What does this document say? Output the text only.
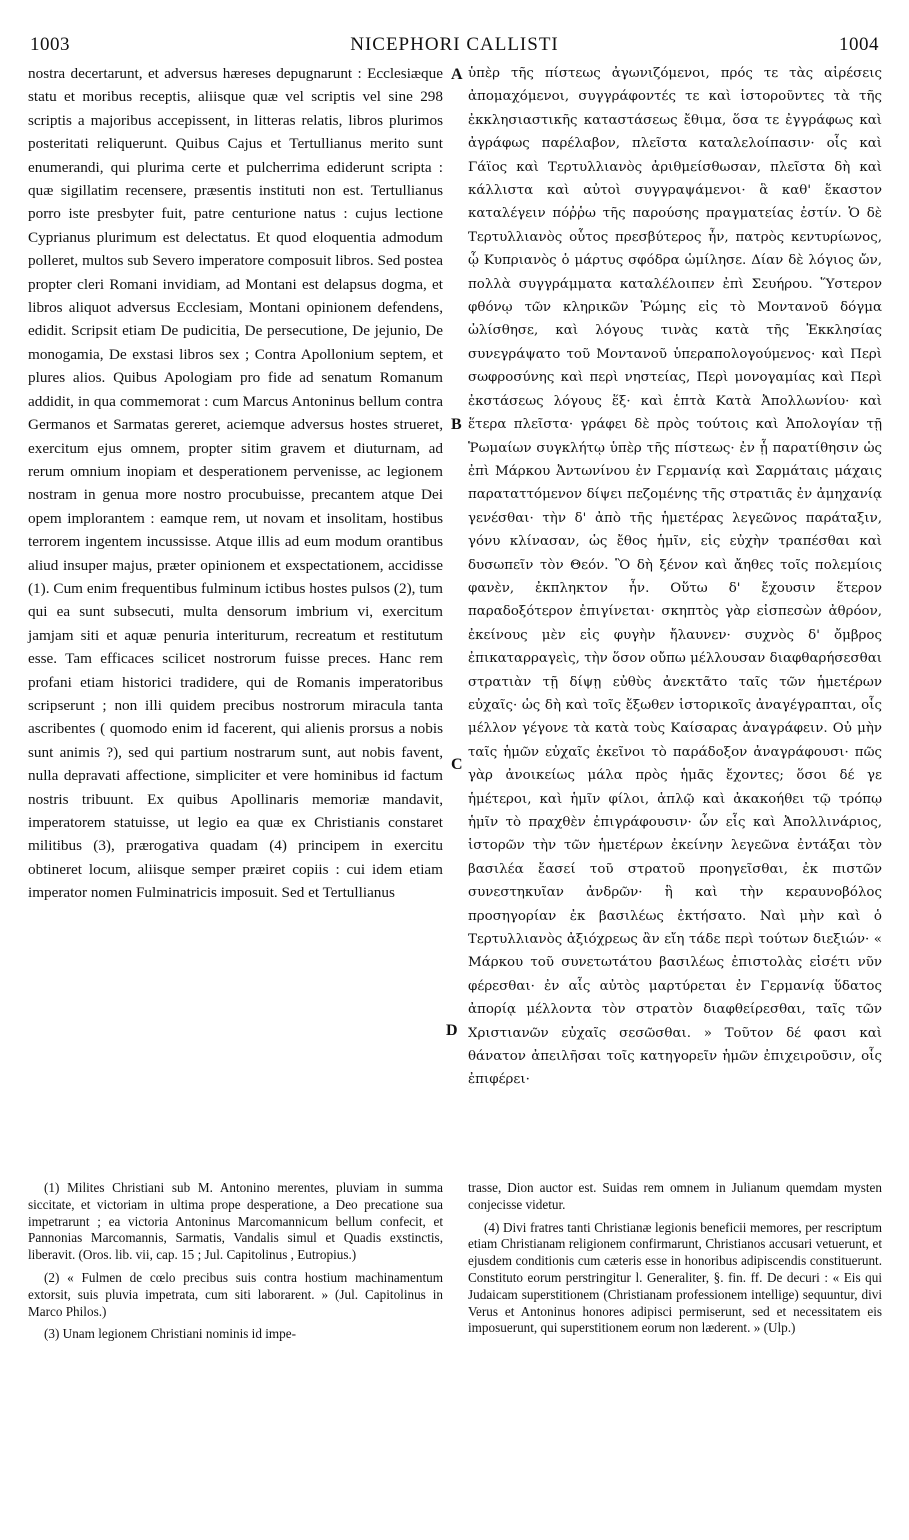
1003	NICEPHORI CALLISTI	1004

nostra decertarunt, et adversus hæreses depugnarunt : Ecclesiæque statu et moribus receptis, aliisque quæ vel scriptis vel sine 298 scriptis a majoribus accepissent, in litteras relatis, libros plurimos posteritati reliquerunt. Quibus Cajus et Tertullianus merito sunt enumerandi, qui plurima certe et pulcherrima ediderunt scripta : quæ sigillatim recensere, præsentis instituti non est. Tertullianus porro iste presbyter fuit, patre centurione natus : cujus lectione Cyprianus plurimum est delectatus. Et quod eloquentia admodum polleret, multos sub Severo imperatore composuit libros. Sed postea propter cleri Romani invidiam, ad Montani est delapsus dogma, et libros aliquot adversus Ecclesiam, Montani opinionem defendens, edidit. Scripsit etiam De pudicitia, De persecutione, De jejunio, De monogamia, De exstasi libros sex ; Contra Apollonium septem, et plures alios. Quibus Apologiam pro fide ad senatum Romanum addidit, in qua commemorat : cum Marcus Antoninus bellum contra Germanos et Sarmatas gereret, aciemque adversus hostes strueret, exercitum ejus omnem, propter sitim gravem et diuturnam, ad rerum omnium inopiam et desperationem pervenisse, ac legionem nostram in genua more nostro procubuisse, precantem atque Dei opem implorantem : eamque rem, ut novam et insolitam, hostibus terrorem ingentem incussisse. Atque illis ad eum modum orantibus aliud insuper majus, præter opinionem et exspectationem, accidisse (1). Cum enim frequentibus fulminum ictibus hostes pulsos (2), tum qui ea sunt subsecuti, multa densorum imbrium vi, exercitum jamjam siti et aquæ penuria interiturum, recreatum et restitutum esse. Tam efficaces scilicet nostrorum fuisse preces. Hanc rem profani etiam historici tradidere, qui de Romanis imperatoribus scripserunt ; non illi quidem precibus nostrorum miracula tanta ascribentes ( quomodo enim id facerent, qui alienis prorsus a nobis sunt animis ?), sed qui partium nostrarum sunt, aut nobis favent, nulla depravati affectione, simpliciter et vere hominibus id factum nostris tribuunt. Ex quibus Apollinaris memoriæ mandavit, imperatorem statuisse, ut legio ea quæ ex Christianis constaret militibus (3), prærogativa quadam (4) principem in exercitu obtineret locum, aliisque semper præiret copiis : cui idem etiam imperator nomen Fulminatricis imposuit. Sed et Tertullianus

A
B
C
D

ὑπὲρ τῆς πίστεως ἀγωνιζόμενοι, πρός τε τὰς αἱρέσεις ἀπομαχόμενοι, συγγράφοντές τε καὶ ἱστοροῦντες τὰ τῆς ἐκκλησιαστικῆς καταστάσεως ἔθιμα, ὅσα τε ἐγγράφως καὶ ἀγράφως παρέλαβον, πλεῖστα καταλελοίπασιν· οἷς καὶ Γάϊος καὶ Τερτυλλιανὸς ἀριθμείσθωσαν, πλεῖστα δὴ καὶ κάλλιστα καὶ αὐτοὶ συγγραψάμενοι· ἃ καθ' ἕκαστον καταλέγειν πόῤῥω τῆς παρούσης πραγματείας ἐστίν. Ὁ δὲ Τερτυλλιανὸς οὗτος πρεσβύτερος ἦν, πατρὸς κεντυρίωνος, ᾧ Κυπριανὸς ὁ μάρτυς σφόδρα ὡμίλησε. Δίαν δὲ λόγιος ὤν, πολλὰ συγγράμματα καταλέλοιπεν ἐπὶ Σευήρου. Ὕστερον φθόνῳ τῶν κληρικῶν Ῥώμης εἰς τὸ Μοντανοῦ δόγμα ὠλίσθησε, καὶ λόγους τινὰς κατὰ τῆς Ἐκκλησίας συνεγράψατο τοῦ Μοντανοῦ ὑπεραπολογούμενος· καὶ Περὶ σωφροσύνης καὶ περὶ νηστείας, Περὶ μονογαμίας καὶ Περὶ ἐκστάσεως λόγους ἕξ· καὶ ἑπτὰ Κατὰ Ἀπολλωνίου· καὶ ἕτερα πλεῖστα· γράφει δὲ πρὸς τούτοις καὶ Ἀπολογίαν τῇ Ῥωμαίων συγκλήτῳ ὑπὲρ τῆς πίστεως· ἐν ᾗ παρατίθησιν ὡς ἐπὶ Μάρκου Ἀντωνίνου ἐν Γερμανίᾳ καὶ Σαρμάταις μάχαις παραταττόμενον δίψει πεζομένης τῆς στρατιᾶς ἐν ἀμηχανίᾳ γενέσθαι· τὴν δ' ἀπὸ τῆς ἡμετέρας λεγεῶνος παράταξιν, γόνυ κλίνασαν, ὡς ἔθος ἡμῖν, εἰς εὐχὴν τραπέσθαι καὶ δυσωπεῖν τὸν Θεόν. Ὃ δὴ ξένον καὶ ἄηθες τοῖς πολεμίοις φανὲν, ἐκπληκτον ἦν. Οὕτω δ' ἔχουσιν ἕτερον παραδοξότερον ἐπιγίνεται· σκηπτὸς γὰρ εἰσπεσὼν ἀθρόον, ἐκείνους μὲν εἰς φυγὴν ἤλαυνεν· συχνὸς δ' ὄμβρος ἐπικαταρραγεὶς, τὴν ὅσον οὔπω μέλλουσαν διαφθαρήσεσθαι στρατιὰν τῇ δίψῃ εὐθὺς ἀνεκτᾶτο ταῖς τῶν ἡμετέρων εὐχαῖς· ὡς δὴ καὶ τοῖς ἔξωθεν ἱστορικοῖς ἀναγέγραπται, οἷς μέλλον γέγονε τὰ κατὰ τοὺς Καίσαρας ἀναγράφειν. Οὐ μὴν ταῖς ἡμῶν εὐχαῖς ἐκεῖνοι τὸ παράδοξον ἀναγράφουσι· πῶς γὰρ ἀνοικείως μάλα πρὸς ἡμᾶς ἔχοντες; ὅσοι δέ γε ἡμέτεροι, καὶ ἡμῖν φίλοι, ἁπλῷ καὶ ἀκακοήθει τῷ τρόπῳ ἡμῖν τὸ πραχθὲν ἐπιγράφουσιν· ὧν εἷς καὶ Ἀπολλινάριος, ἱστορῶν τὴν τῶν ἡμετέρων ἐκείνην λεγεῶνα ἐντάξαι τὸν βασιλέα ἔασεί τοῦ στρατοῦ προηγεῖσθαι, ἐκ πιστῶν συνεστηκυῖαν ἀνδρῶν· ἣ καὶ τὴν κεραυνοβόλος προσηγορίαν ἐκ βασιλέως ἐκτήσατο. Ναὶ μὴν καὶ ὁ Τερτυλλιανὸς ἀξιόχρεως ἂν εἴη τάδε περὶ τούτων διεξιών· « Μάρκου τοῦ συνετωτάτου βασιλέως ἐπιστολὰς εἰσέτι νῦν φέρεσθαι· ἐν αἷς αὐτὸς μαρτύρεται ἐν Γερμανίᾳ ὕδατος ἀπορίᾳ μέλλοντα τὸν στρατὸν διαφθείρεσθαι, ταῖς τῶν Χριστιανῶν εὐχαῖς σεσῶσθαι. » Τοῦτον δέ φασι καὶ θάνατον ἀπειλῆσαι τοῖς κατηγορεῖν ἡμῶν ἐπιχειροῦσιν, οἷς ἐπιφέρει·

(1) Milites Christiani sub M. Antonino merentes, pluviam in summa siccitate, et victoriam in ultima prope desperatione, a Deo precatione sua impetrarunt ; ea victoria Antoninus Marcomannicum bellum confecit, et Pannonias Marcomannis, Sarmatis, Vandalis simul et Quadis exstinctis, liberavit. (Oros. lib. vii, cap. 15 ; Jul. Capitolinus , Eutropius.)

(2) « Fulmen de cœlo precibus suis contra hostium machinamentum extorsit, suis pluvia impetrata, cum siti laborarent. » (Jul. Capitolinus in Marco Philos.)

(3) Unam legionem Christiani nominis id impe-

trasse, Dion auctor est. Suidas rem omnem in Julianum quemdam mysten conjecisse videtur.

(4) Divi fratres tanti Christianæ legionis beneficii memores, per rescriptum etiam Christianam religionem confirmarunt, Christianos accusari vetuerunt, et ejusdem conditionis cum cæteris esse in honoribus adipiscendis constituerunt. Constituto eorum perstringitur l. Generaliter, §. fin. ff. De decuri : « Eis qui Judaicam superstitionem (Christianam professionem intellige) sequuntur, divi Verus et Antoninus honores adipisci permiserunt, sed et necessitatem eis imposuerunt, qui superstitionem eorum non læderent. » (Ulp.)
